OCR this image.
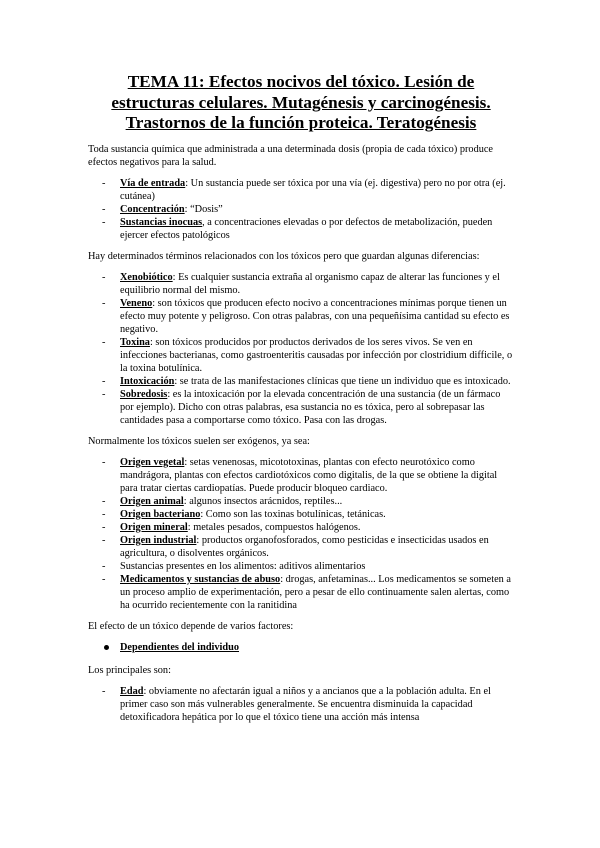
TEMA 11: Efectos nocivos del tóxico. Lesión de estructuras celulares. Mutagénesis y carcinogénesis. Trastornos de la función proteica. Teratogénesis

Toda sustancia química que administrada a una determinada dosis (propia de cada tóxico) produce efectos negativos para la salud.

- Vía de entrada: Un sustancia puede ser tóxica por una vía (ej. digestiva) pero no por otra (ej. cutánea)
- Concentración: “Dosis”
- Sustancias inocuas, a concentraciones elevadas o por defectos de metabolización, pueden ejercer efectos patológicos

Hay determinados términos relacionados con los tóxicos pero que guardan algunas diferencias:

- Xenobiótico: Es cualquier sustancia extraña al organismo capaz de alterar las funciones y el equilibrio normal del mismo.
- Veneno: son tóxicos que producen efecto nocivo a concentraciones mínimas porque tienen un efecto muy potente y peligroso. Con otras palabras, con una pequeñísima cantidad su efecto es negativo.
- Toxina: son tóxicos producidos por productos derivados de los seres vivos. Se ven en infecciones bacterianas, como gastroenteritis causadas por infección por clostridium difficile, o la toxina botulínica.
- Intoxicación: se trata de las manifestaciones clínicas que tiene un individuo que es intoxicado.
- Sobredosis: es la intoxicación por la elevada concentración de una sustancia (de un fármaco por ejemplo). Dicho con otras palabras, esa sustancia no es tóxica, pero al sobrepasar las cantidades pasa a comportarse como tóxico. Pasa con las drogas.

Normalmente los tóxicos suelen ser exógenos, ya sea:

- Origen vegetal: setas venenosas, micototoxinas, plantas con efecto neurotóxico como mandrágora, plantas con efectos cardiotóxicos como digitalis, de la que se obtiene la digital para tratar ciertas cardiopatías. Puede producir bloqueo cardiaco.
- Origen animal: algunos insectos arácnidos, reptiles...
- Origen bacteriano: Como son las toxinas botulínicas, tetánicas.
- Origen mineral: metales pesados, compuestos halógenos.
- Origen industrial: productos organofosforados, como pesticidas e insecticidas usados en agricultura, o disolventes orgánicos.
- Sustancias presentes en los alimentos: aditivos alimentarios
- Medicamentos y sustancias de abuso: drogas, anfetaminas... Los medicamentos se someten a un proceso amplio de experimentación, pero a pesar de ello continuamente salen alertas, como ha ocurrido recientemente con la ranitidina

El efecto de un tóxico depende de varios factores:

Dependientes del individuo

Los principales son:

- Edad: obviamente no afectarán igual a niños y a ancianos que a la población adulta. En el primer caso son más vulnerables generalmente. Se encuentra disminuida la capacidad detoxificadora hepática por lo que el tóxico tiene una acción más intensa
